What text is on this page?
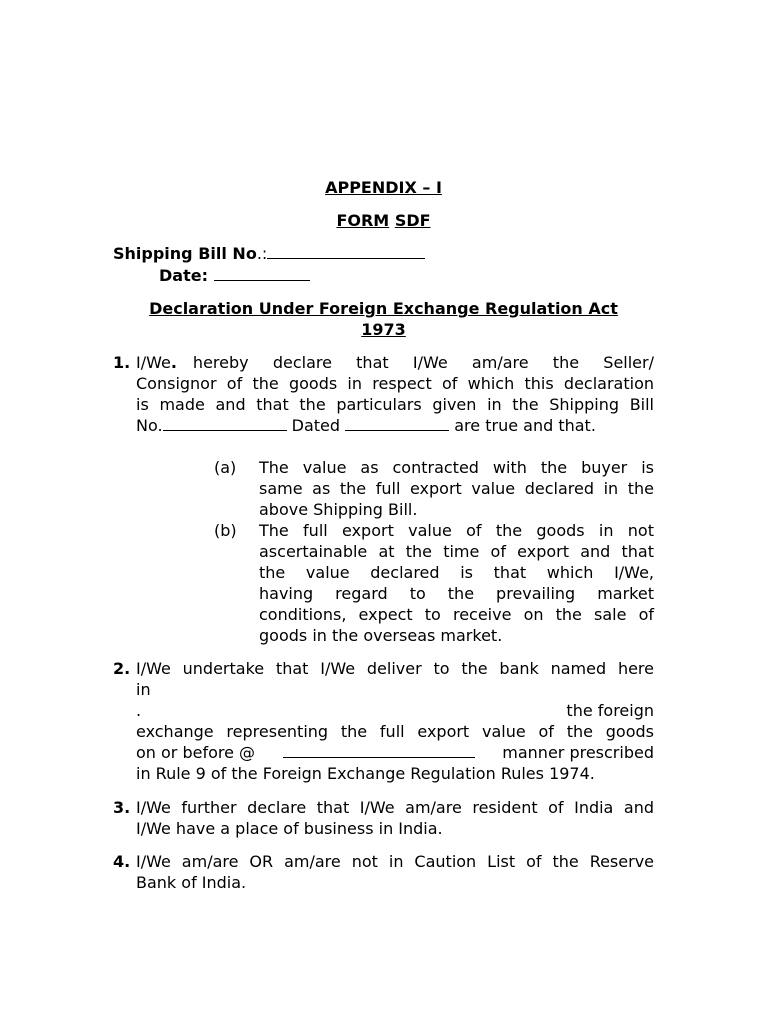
APPENDIX – I
FORM SDF
Shipping Bill No.:
Date:
Declaration Under Foreign Exchange Regulation Act
1973
1. I/We . hereby declare that I/We am/are the Seller/

Consignor of the goods in respect of which this declaration

is made and that the particulars given in the Shipping Bill

No.	Dated	are true and that.

(a) The value as contracted with the buyer is
same as the full export value declared in the
above Shipping Bill.
(b) The full export value of the goods in not
ascertainable at the time of export and that
the value declared is that which I/We,
having regard to the prevailing market
conditions, expect to receive on the sale of
goods in the overseas market.
2. I/We undertake that I/We deliver to the bank named here

in

.	the foreign

exchange representing the full export value of the goods

on or before @	manner prescribed

in Rule 9 of the Foreign Exchange Regulation Rules 1974.

3. I/We further declare that I/We am/are resident of India and

I/We have a place of business in India.

4. I/We am/are OR am/are not in Caution List of the Reserve

Bank of India.
